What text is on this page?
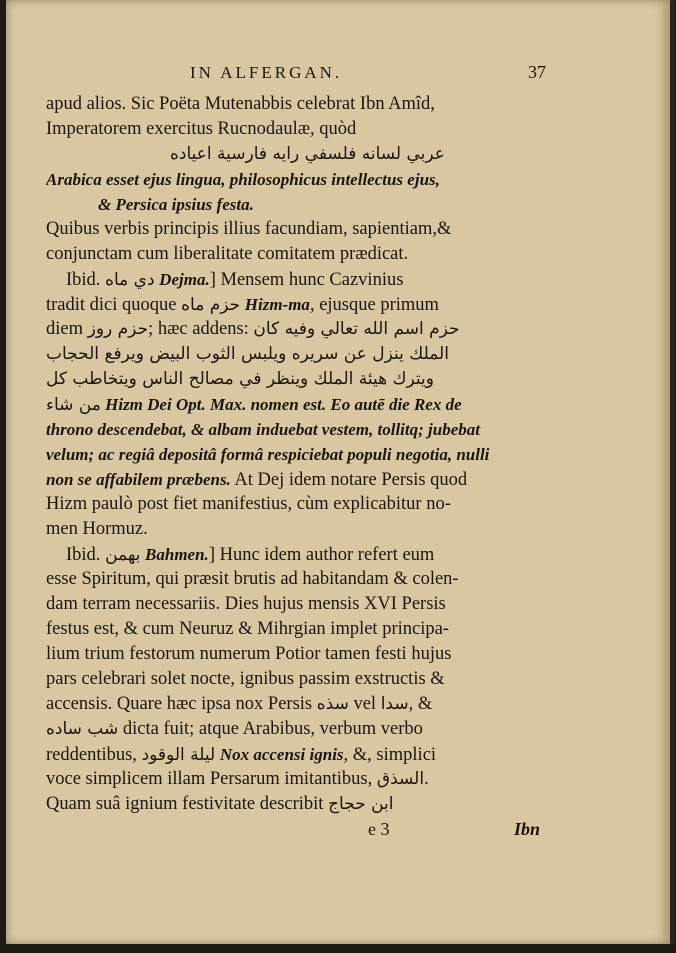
IN ALFERGAN.	37
apud alios. Sic Poëta Mutenabbis celebrat Ibn Amîd,
Imperatorem exercitus Rucnodaulæ, quòd
عربي لسانه فلسفي رايه فارسية اعياده
Arabica esset ejus lingua, philosophicus intellectus ejus,
& Persica ipsius festa.
Quibus verbis principis illius facundiam, sapientiam,&
conjunctam cum liberalitate comitatem prædicat.
Ibid. دي ماه Dejma.] Mensem hunc Cazvinius
tradit dici quoque حزم ماه Hizm-ma, ejusque primum
diem حزم روز; hæc addens: حزم اسم الله تعالي وفيه كان
الملك ينزل عن سريره ويلبس الثوب البيض ويرفع الحجاب
ويترك هيئة الملك وينظر في مصالح الناس ويتخاطب كل
من شاء Hizm Dei Opt. Max. nomen est. Eo autē die Rex de
throno descendebat, & albam induebat vestem, tollitq; jubebat
velum; ac regiâ depositâ formâ respiciebat populi negotia, nulli
non se affabilem præbens. At Dej idem notare Persis quod
Hizm paulò post fiet manifestius, cùm explicabitur no-
men Hormuz.
Ibid. بهمن Bahmen.] Hunc idem author refert eum
esse Spiritum, qui præsit brutis ad habitandam & colen-
dam terram necessariis. Dies hujus mensis XVI Persis
festus est, & cum Neuruz & Mihrgian implet principa-
lium trium festorum numerum Potior tamen festi hujus
pars celebrari solet nocte, ignibus passim exstructis &
accensis. Quare hæc ipsa nox Persis سذه vel سدا, &
شب ساده dicta fuit; atque Arabibus, verbum verbo
reddentibus, ليلة الوقود Nox accensi ignis, &, simplici
voce simplicem illam Persarum imitantibus, السذق.
Quam suâ ignium festivitate describit ابن حجاج
e 3	Ibn
